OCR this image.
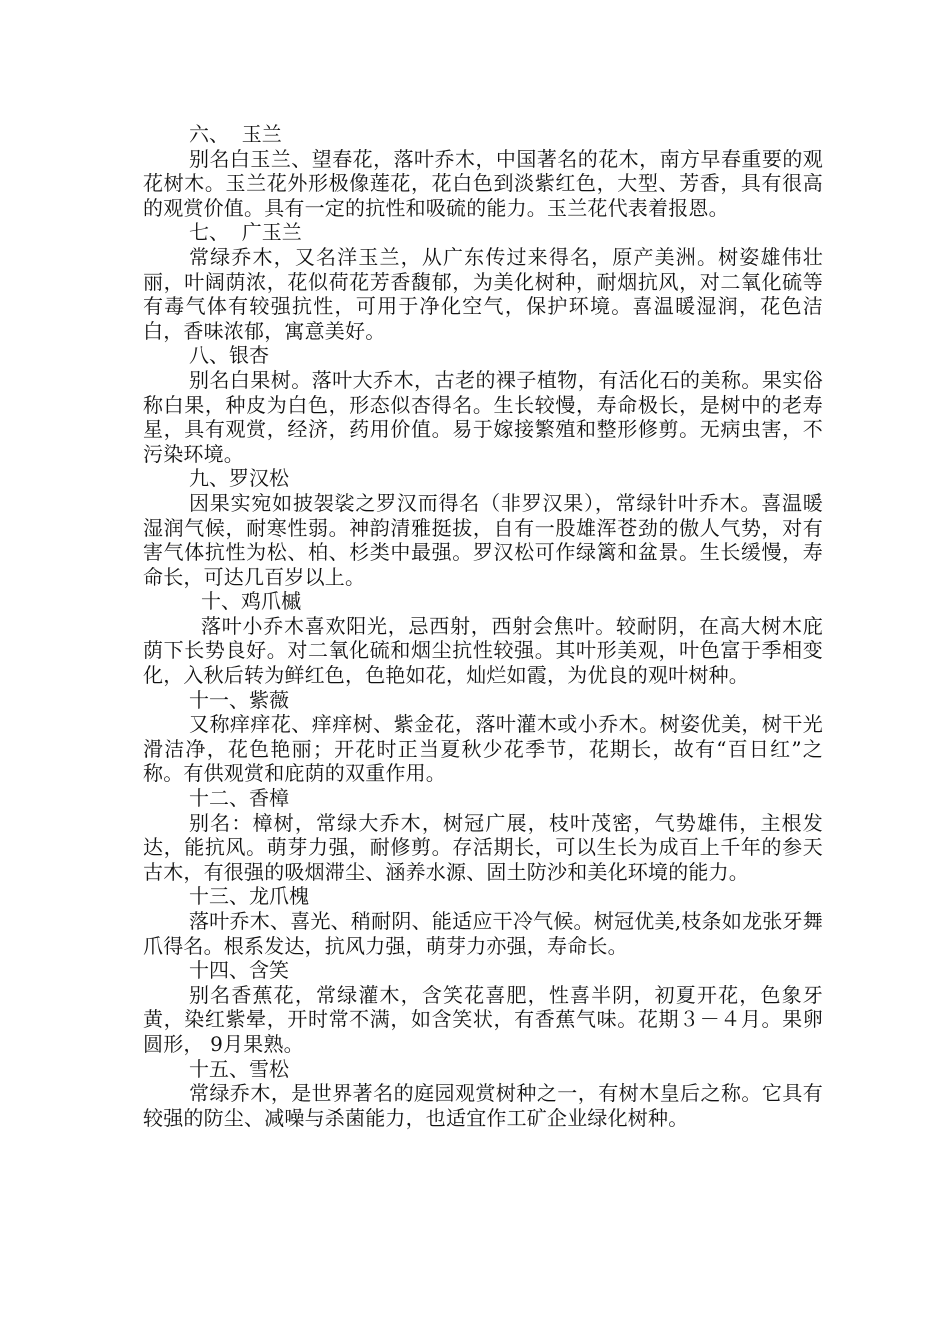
六、  玉兰
别名白玉兰、望春花，落叶乔木，中国著名的花木，南方早春重要的观花树木。玉兰花外形极像莲花，花白色到淡紫红色，大型、芳香，具有很高的观赏价值。具有一定的抗性和吸硫的能力。玉兰花代表着报恩。
七、  广玉兰
常绿乔木，又名洋玉兰，从广东传过来得名，原产美洲。树姿雄伟壮丽，叶阔荫浓，花似荷花芳香馥郁，为美化树种，耐烟抗风，对二氧化硫等有毒气体有较强抗性，可用于净化空气，保护环境。喜温暖湿润，花色洁白，香味浓郁，寓意美好。
八、银杏
别名白果树。落叶大乔木，古老的裸子植物，有活化石的美称。果实俗称白果，种皮为白色，形态似杏得名。生长较慢，寿命极长，是树中的老寿星，具有观赏，经济，药用价值。易于嫁接繁殖和整形修剪。无病虫害，不污染环境。
九、罗汉松
因果实宛如披袈裟之罗汉而得名（非罗汉果），常绿针叶乔木。喜温暖湿润气候，耐寒性弱。神韵清雅挺拔，自有一股雄浑苍劲的傲人气势，对有害气体抗性为松、柏、杉类中最强。罗汉松可作绿篱和盆景。生长缓慢，寿命长，可达几百岁以上。
十、鸡爪槭
落叶小乔木喜欢阳光，忌西射，西射会焦叶。较耐阴，在高大树木庇荫下长势良好。对二氧化硫和烟尘抗性较强。其叶形美观，叶色富于季相变化，入秋后转为鲜红色，色艳如花，灿烂如霞，为优良的观叶树种。
十一、紫薇
又称痒痒花、痒痒树、紫金花，落叶灌木或小乔木。树姿优美，树干光滑洁净，花色艳丽；开花时正当夏秋少花季节，花期长，故有“百日红”之称。有供观赏和庇荫的双重作用。
十二、香樟
别名：樟树，常绿大乔木，树冠广展，枝叶茂密，气势雄伟，主根发达，能抗风。萌芽力强，耐修剪。存活期长，可以生长为成百上千年的参天古木，有很强的吸烟滞尘、涵养水源、固土防沙和美化环境的能力。
十三、龙爪槐
落叶乔木、喜光、稍耐阴、能适应干冷气候。树冠优美,枝条如龙张牙舞爪得名。根系发达，抗风力强，萌芽力亦强，寿命长。
十四、含笑
别名香蕉花，常绿灌木，含笑花喜肥，性喜半阴，初夏开花，色象牙黄，染红紫晕，开时常不满，如含笑状，有香蕉气味。花期３－４月。果卵圆形， 9月果熟。
十五、雪松
常绿乔木，是世界著名的庭园观赏树种之一，有树木皇后之称。它具有较强的防尘、减噪与杀菌能力，也适宜作工矿企业绿化树种。
